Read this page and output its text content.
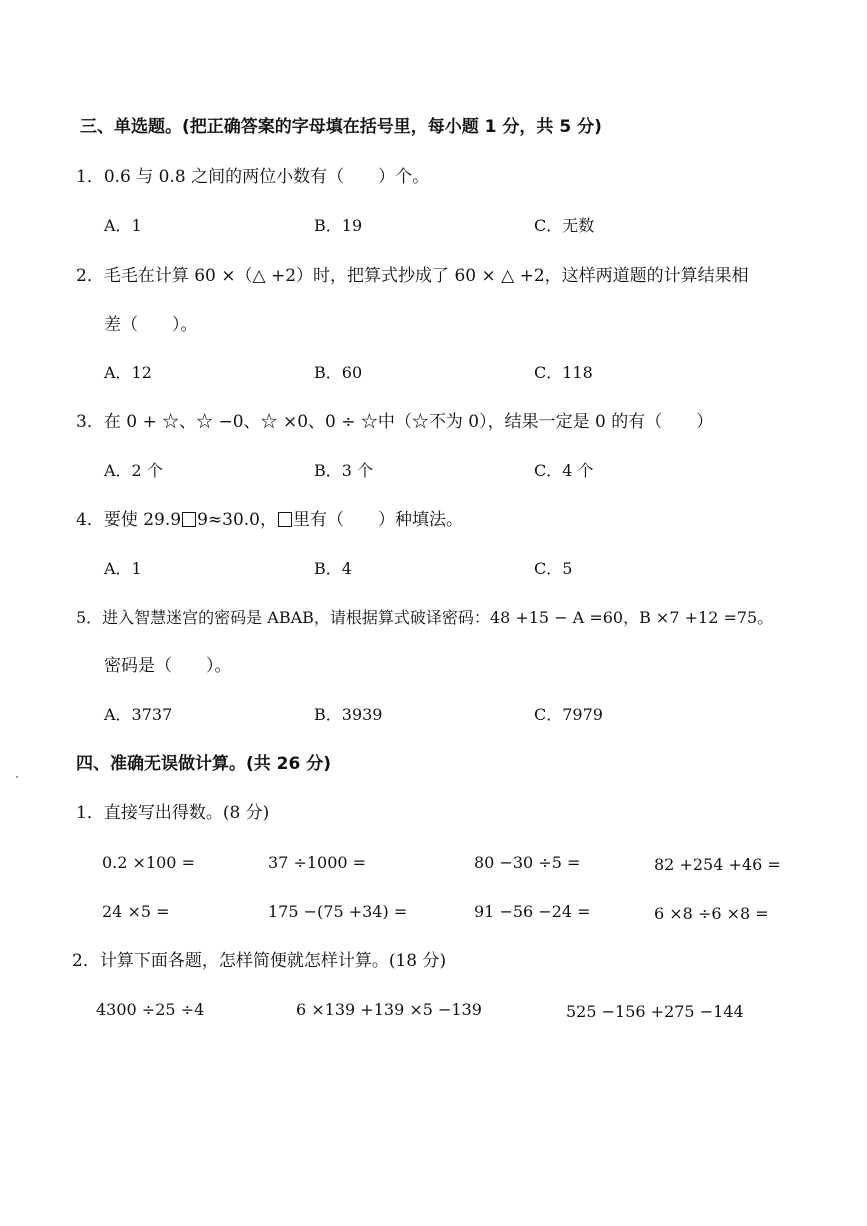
三、单选题。(把正确答案的字母填在括号里，每小题 1 分，共 5 分)
1．0.6 与 0.8 之间的两位小数有（　　）个。
A．1	B．19	C．无数
2．毛毛在计算 60 ×（△ +2）时，把算式抄成了 60 × △ +2，这样两道题的计算结果相
差（　　）。
A．12	B．60	C．118
3．在 0 + ☆、☆ −0、☆ ×0、0 ÷ ☆中（☆不为 0），结果一定是 0 的有（　　）
A．2 个	B．3 个	C．4 个
4．要使 29.9 9≈30.0， 里有（　　）种填法。
A．1	B．4	C．5
5．进入智慧迷宫的密码是 ABAB，请根据算式破译密码：48 +15 − A =60，B ×7 +12 =75。
密码是（　　）。
A．3737	B．3939	C．7979
四、准确无误做计算。(共 26 分)
1．直接写出得数。(8 分)
0.2 ×100 =	37 ÷1000 =	80 −30 ÷5 =	82 +254 +46 =
24 ×5 =	175 −(75 +34) =	91 −56 −24 =	6 ×8 ÷6 ×8 =
2．计算下面各题，怎样简便就怎样计算。(18 分)
4300 ÷25 ÷4	6 ×139 +139 ×5 −139	525 −156 +275 −144
